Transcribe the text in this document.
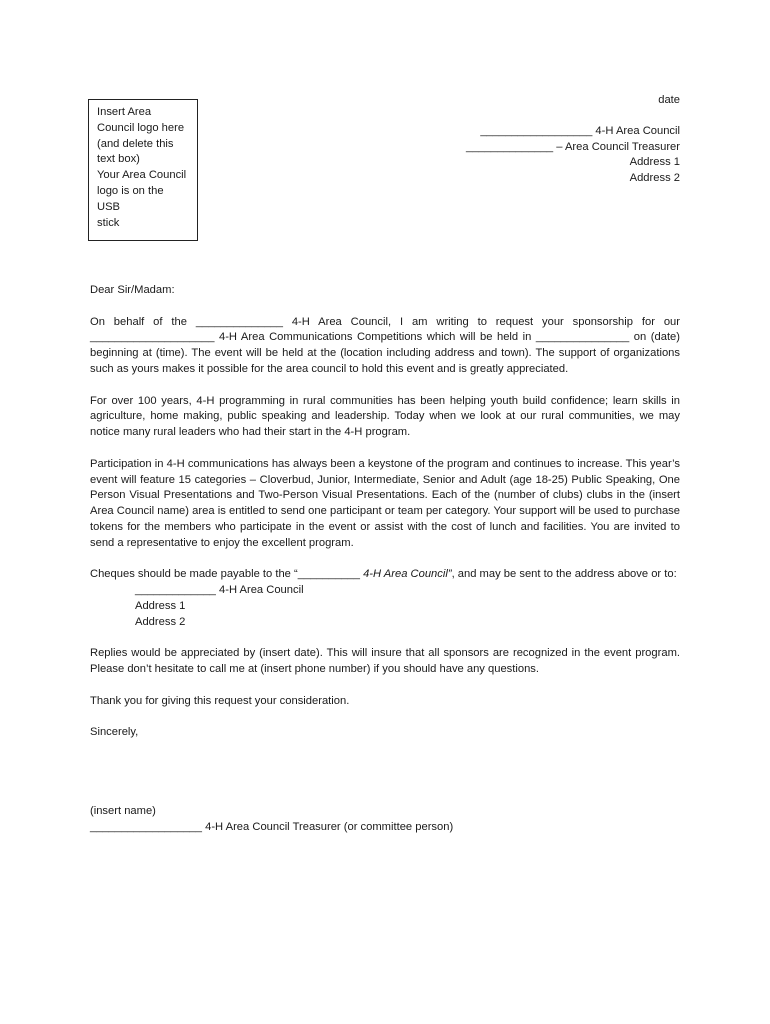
Insert Area
Council logo here
(and delete this
text box)
Your Area Council
logo is on the USB
stick
date
__________________ 4-H Area Council
______________ – Area Council Treasurer
Address 1
Address 2

Dear Sir/Madam:

On behalf of the ______________ 4-H Area Council, I am writing to request your sponsorship for our ____________________ 4-H Area Communications Competitions which will be held in _______________ on (date) beginning at (time). The event will be held at the (location including address and town). The support of organizations such as yours makes it possible for the area council to hold this event and is greatly appreciated.

For over 100 years, 4-H programming in rural communities has been helping youth build confidence; learn skills in agriculture, home making, public speaking and leadership. Today when we look at our rural communities, we may notice many rural leaders who had their start in the 4-H program.

Participation in 4-H communications has always been a keystone of the program and continues to increase. This year’s event will feature 15 categories – Cloverbud, Junior, Intermediate, Senior and Adult (age 18-25) Public Speaking, One Person Visual Presentations and Two-Person Visual Presentations. Each of the (number of clubs) clubs in the (insert Area Council name) area is entitled to send one participant or team per category. Your support will be used to purchase tokens for the members who participate in the event or assist with the cost of lunch and facilities. You are invited to send a representative to enjoy the excellent program.

Cheques should be made payable to the “__________ 4-H Area Council”, and may be sent to the address above or to:

_____________ 4-H Area Council
Address 1
Address 2

Replies would be appreciated by (insert date). This will insure that all sponsors are recognized in the event program. Please don’t hesitate to call me at (insert phone number) if you should have any questions.

Thank you for giving this request your consideration.

Sincerely,

(insert name)

__________________ 4-H Area Council Treasurer (or committee person)
